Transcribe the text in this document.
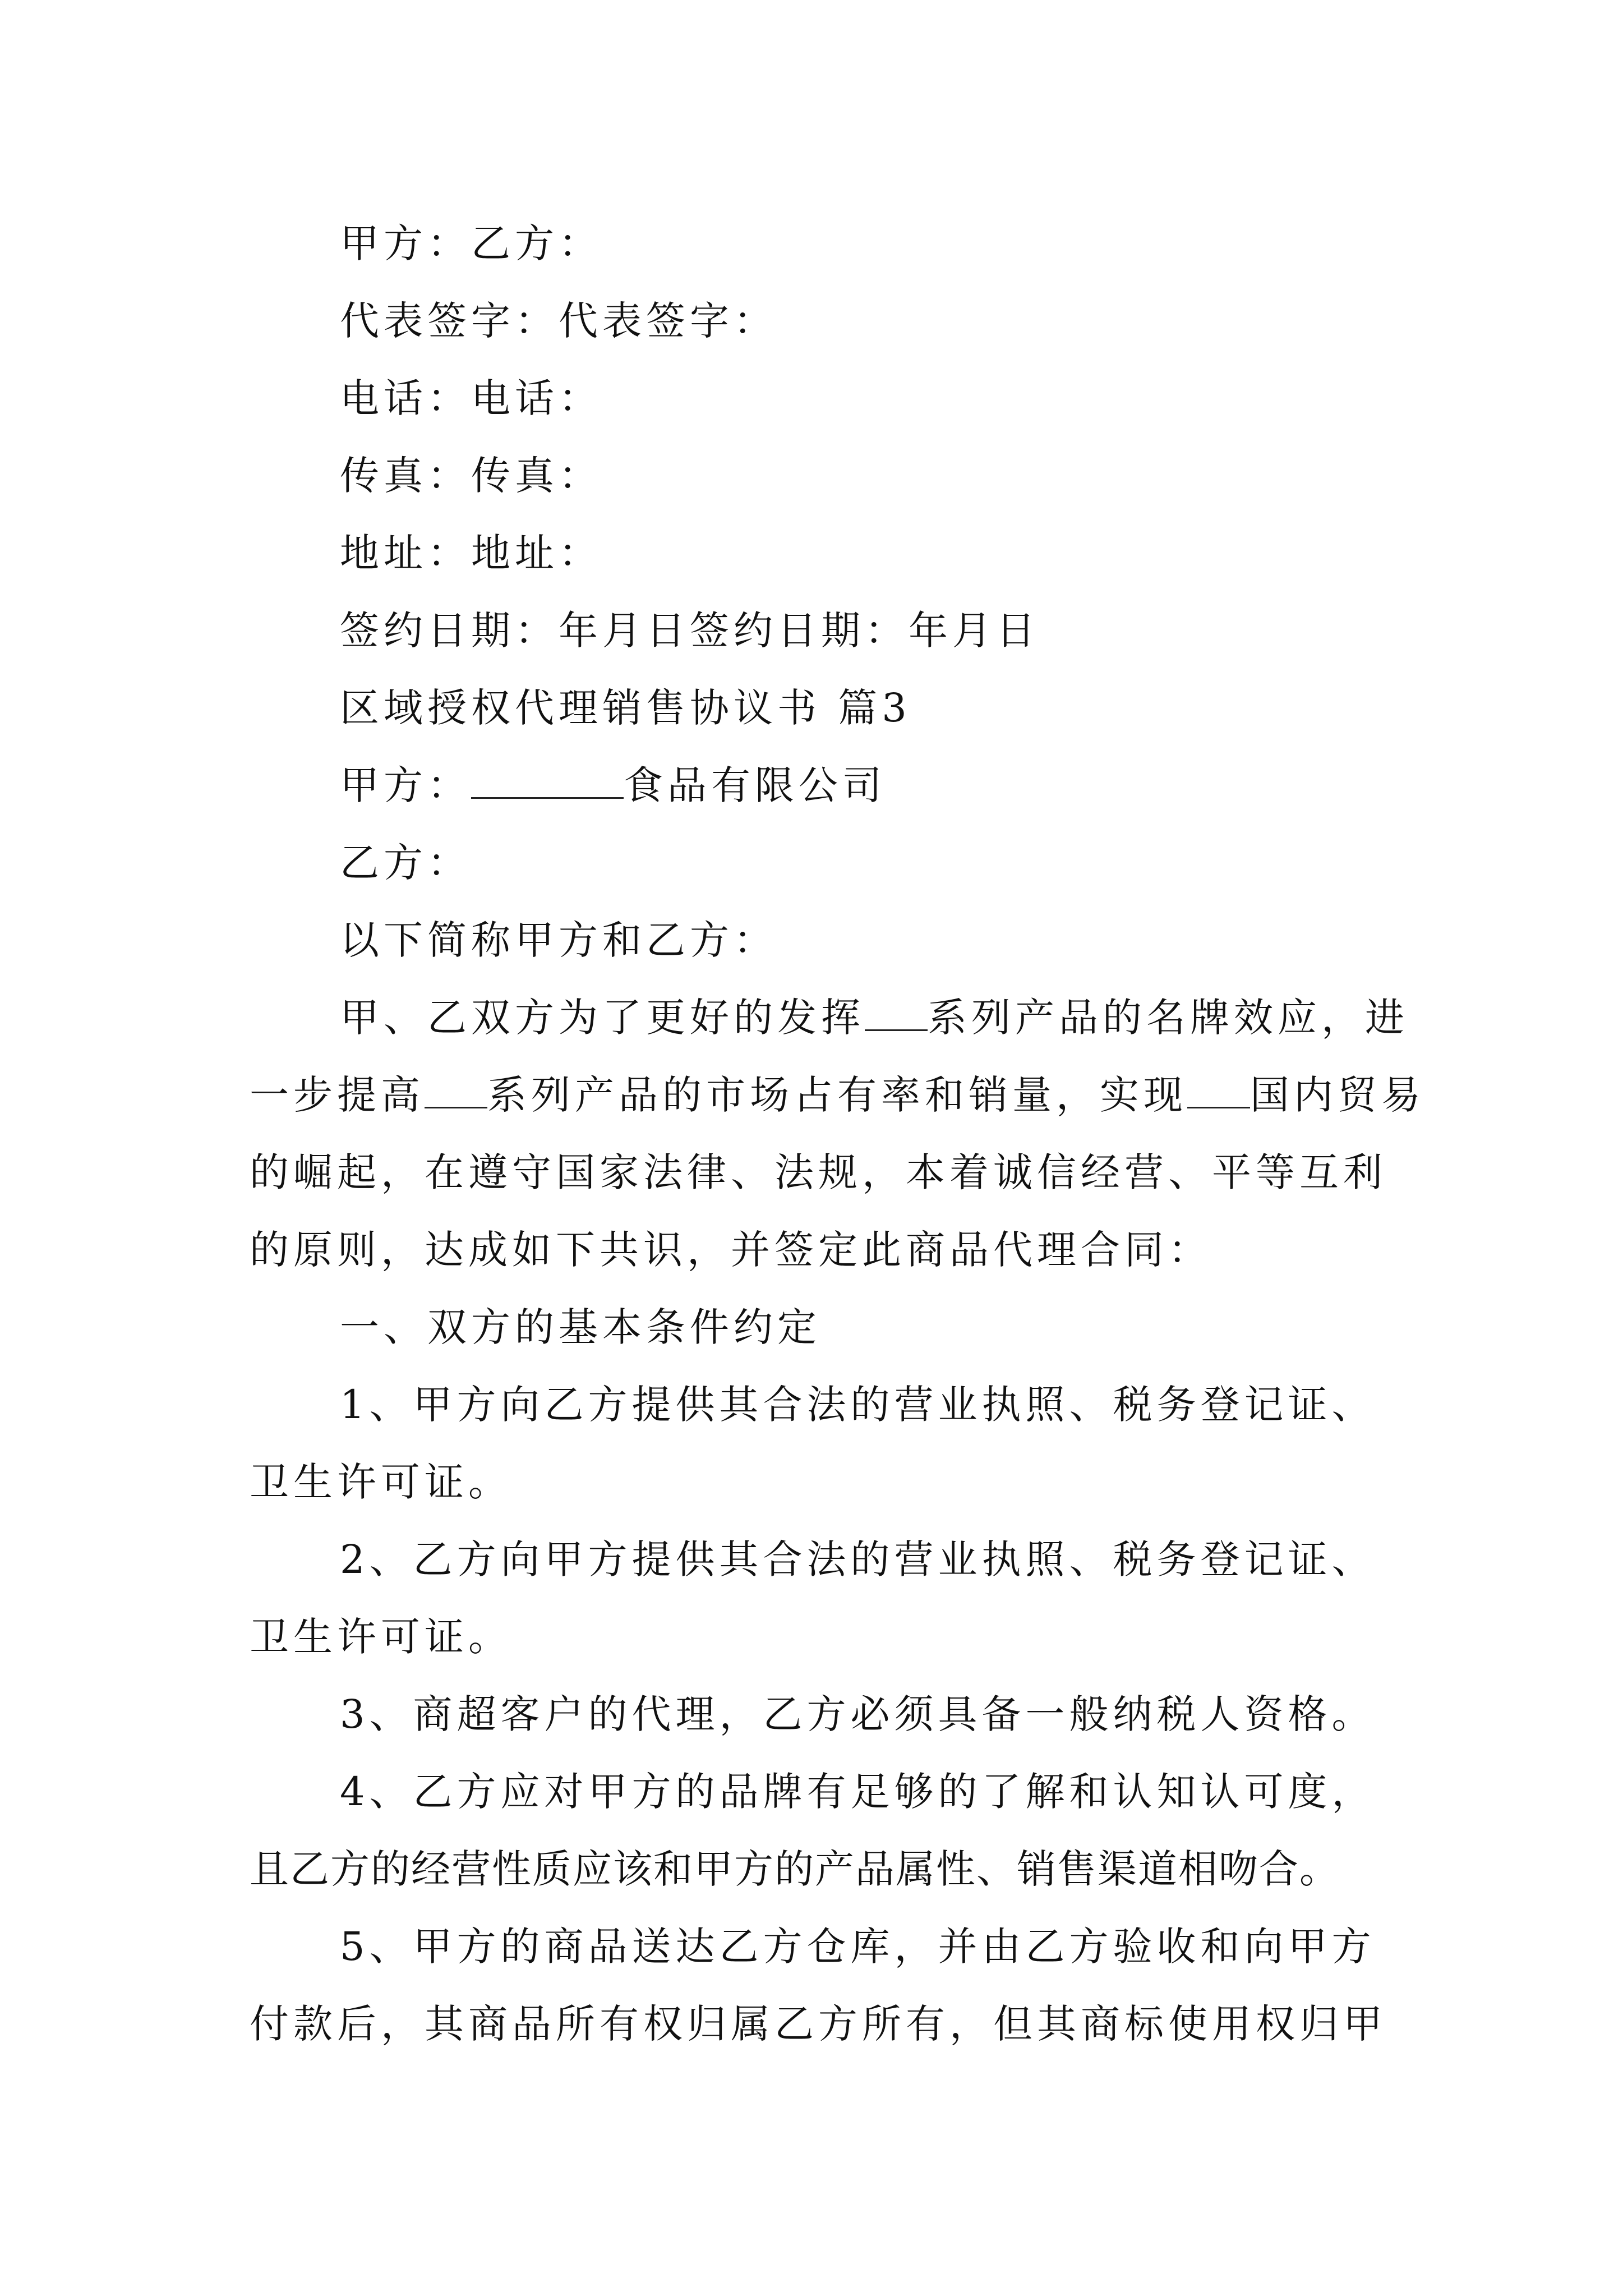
甲方：乙方：
代表签字：代表签字：
电话：电话：
传真：传真：
地址：地址：
签约日期：年月日签约日期：年月日
区域授权代理销售协议书 篇3
甲方：	食品有限公司
乙方：
以下简称甲方和乙方：
甲、乙双方为了更好的发挥 系列产品的名牌效应，进
一步提高 系列产品的市场占有率和销量，实现 国内贸易
的崛起，在遵守国家法律、法规，本着诚信经营、平等互利
的原则，达成如下共识，并签定此商品代理合同：
一、双方的基本条件约定
1、甲方向乙方提供其合法的营业执照、税务登记证、
卫生许可证。
2、乙方向甲方提供其合法的营业执照、税务登记证、
卫生许可证。
3、商超客户的代理，乙方必须具备一般纳税人资格。
4、乙方应对甲方的品牌有足够的了解和认知认可度，
且乙方的经营性质应该和甲方的产品属性、销售渠道相吻合。
5、甲方的商品送达乙方仓库，并由乙方验收和向甲方
付款后，其商品所有权归属乙方所有，但其商标使用权归甲
